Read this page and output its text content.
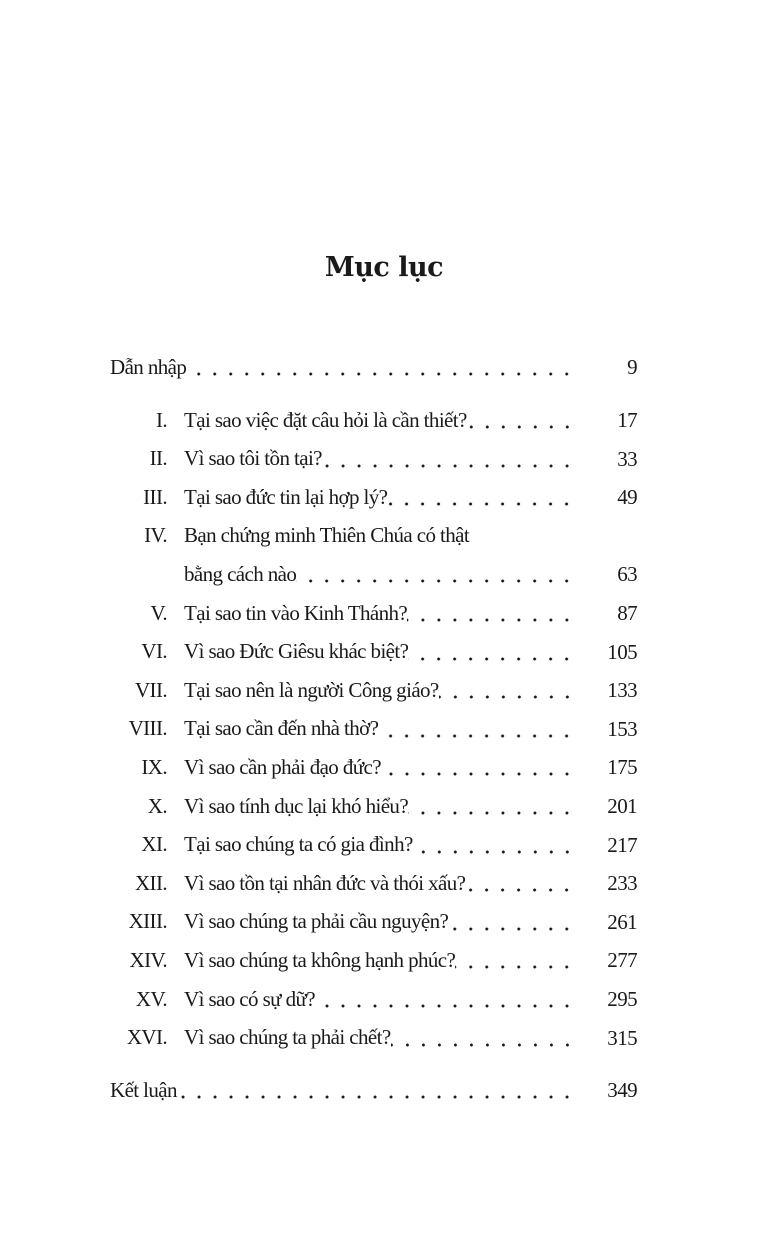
Mục lục
Dẫn nhập	9
I. Tại sao việc đặt câu hỏi là cần thiết?	17
II. Vì sao tôi tồn tại?	33
III. Tại sao đức tin lại hợp lý?	49
IV. Bạn chứng minh Thiên Chúa có thật
bằng cách nào	63
V. Tại sao tin vào Kinh Thánh?	87
VI. Vì sao Đức Giêsu khác biệt?	105
VII. Tại sao nên là người Công giáo?	133
VIII. Tại sao cần đến nhà thờ?	153
IX. Vì sao cần phải đạo đức?	175
X. Vì sao tính dục lại khó hiểu?	201
XI. Tại sao chúng ta có gia đình?	217
XII. Vì sao tồn tại nhân đức và thói xấu?	233
XIII. Vì sao chúng ta phải cầu nguyện?	261
XIV. Vì sao chúng ta không hạnh phúc?	277
XV. Vì sao có sự dữ?	295
XVI. Vì sao chúng ta phải chết?	315
Kết luận	349
